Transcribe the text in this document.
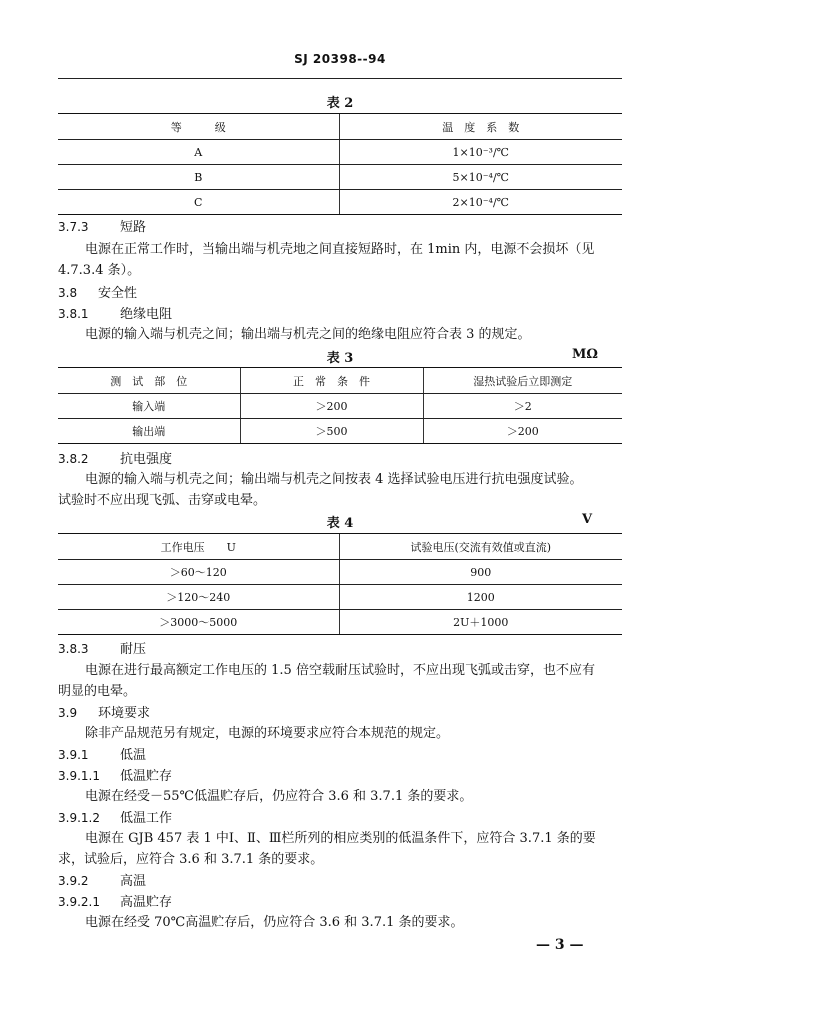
SJ 20398--94
表 2
等　　　级	温　度　系　数
A	1×10⁻³/℃
B	5×10⁻⁴/℃
C	2×10⁻⁴/℃
3.7.3 短路
电源在正常工作时，当输出端与机壳地之间直接短路时，在 1min 内，电源不会损坏（见
4.7.3.4 条）。
3.8 安全性
3.8.1 绝缘电阻
电源的输入端与机壳之间；输出端与机壳之间的绝缘电阻应符合表 3 的规定。
表 3	MΩ
测　试　部　位	正　常　条　件	湿热试验后立即测定
输入端	＞200	＞2
输出端	＞500	＞200
3.8.2 抗电强度
电源的输入端与机壳之间；输出端与机壳之间按表 4 选择试验电压进行抗电强度试验。
试验时不应出现飞弧、击穿或电晕。
表 4	V
工作电压　　U	试验电压(交流有效值或直流)
＞60～120	900
＞120～240	1200
＞3000～5000	2U＋1000
3.8.3 耐压
电源在进行最高额定工作电压的 1.5 倍空载耐压试验时，不应出现飞弧或击穿，也不应有
明显的电晕。
3.9 环境要求
除非产品规范另有规定，电源的环境要求应符合本规范的规定。
3.9.1 低温
3.9.1.1 低温贮存
电源在经受－55℃低温贮存后，仍应符合 3.6 和 3.7.1 条的要求。
3.9.1.2 低温工作
电源在 GJB 457 表 1 中Ⅰ、Ⅱ、Ⅲ栏所列的相应类别的低温条件下，应符合 3.7.1 条的要
求，试验后，应符合 3.6 和 3.7.1 条的要求。
3.9.2 高温
3.9.2.1 高温贮存
电源在经受 70℃高温贮存后，仍应符合 3.6 和 3.7.1 条的要求。
— 3 —
